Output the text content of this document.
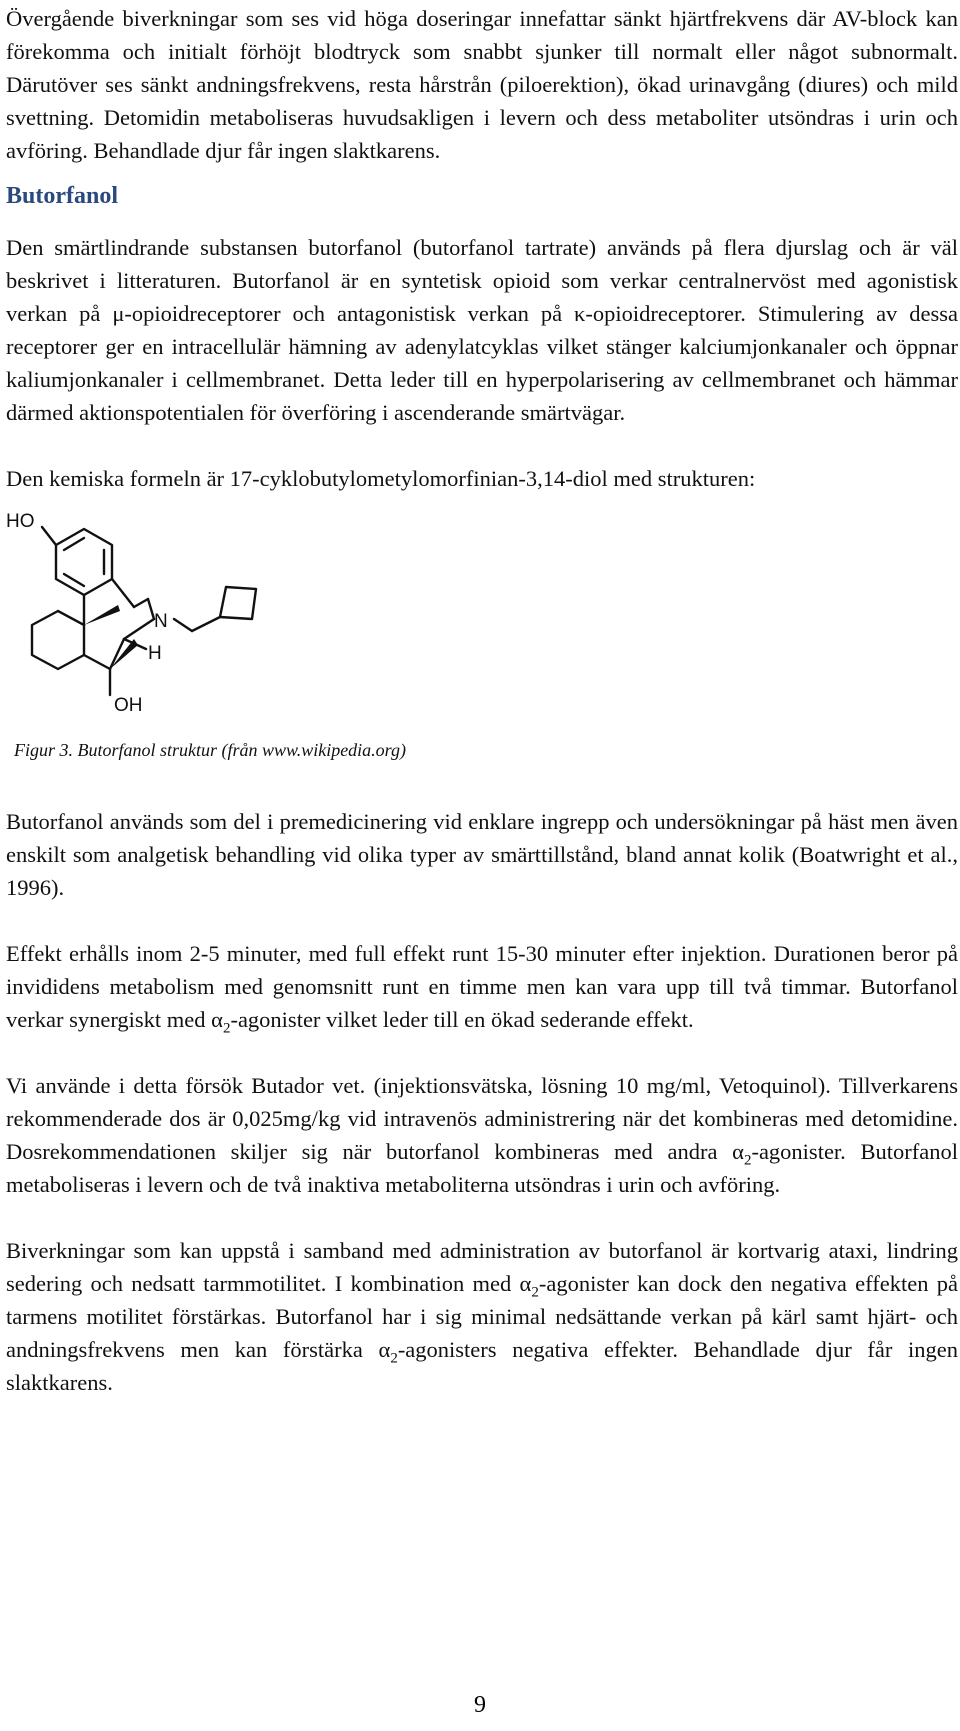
Övergående biverkningar som ses vid höga doseringar innefattar sänkt hjärtfrekvens där AV-block kan förekomma och initialt förhöjt blodtryck som snabbt sjunker till normalt eller något subnormalt. Därutöver ses sänkt andningsfrekvens, resta hårstrån (piloerektion), ökad urinavgång (diures) och mild svettning. Detomidin metaboliseras huvudsakligen i levern och dess metaboliter utsöndras i urin och avföring. Behandlade djur får ingen slaktkarens.

Butorfanol

Den smärtlindrande substansen butorfanol (butorfanol tartrate) används på flera djurslag och är väl beskrivet i litteraturen. Butorfanol är en syntetisk opioid som verkar centralnervöst med agonistisk verkan på μ-opioidreceptorer och antagonistisk verkan på κ-opioidreceptorer. Stimulering av dessa receptorer ger en intracellulär hämning av adenylatcyklas vilket stänger kalciumjonkanaler och öppnar kaliumjonkanaler i cellmembranet. Detta leder till en hyperpolarisering av cellmembranet och hämmar därmed aktionspotentialen för överföring i ascenderande smärtvägar.

Den kemiska formeln är 17-cyklobutylometylomorfinian-3,14-diol med strukturen:

HO
N
H
OH
Figur 3. Butorfanol struktur (från www.wikipedia.org)

Butorfanol används som del i premedicinering vid enklare ingrepp och undersökningar på häst men även enskilt som analgetisk behandling vid olika typer av smärttillstånd, bland annat kolik (Boatwright et al., 1996).

Effekt erhålls inom 2-5 minuter, med full effekt runt 15-30 minuter efter injektion. Durationen beror på invididens metabolism med genomsnitt runt en timme men kan vara upp till två timmar. Butorfanol verkar synergiskt med $\alpha_2$-agonister vilket leder till en ökad sederande effekt.

Vi använde i detta försök Butador vet. (injektionsvätska, lösning 10 mg/ml, Vetoquinol). Tillverkarens rekommenderade dos är 0,025mg/kg vid intravenös administrering när det kombineras med detomidine. Dosrekommendationen skiljer sig när butorfanol kombineras med andra $\alpha_2$-agonister. Butorfanol metaboliseras i levern och de två inaktiva metaboliterna utsöndras i urin och avföring.

Biverkningar som kan uppstå i samband med administration av butorfanol är kortvarig ataxi, lindring sedering och nedsatt tarmmotilitet. I kombination med $\alpha_2$-agonister kan dock den negativa effekten på tarmens motilitet förstärkas. Butorfanol har i sig minimal nedsättande verkan på kärl samt hjärt- och andningsfrekvens men kan förstärka $\alpha_2$-agonisters negativa effekter. Behandlade djur får ingen slaktkarens.

9
